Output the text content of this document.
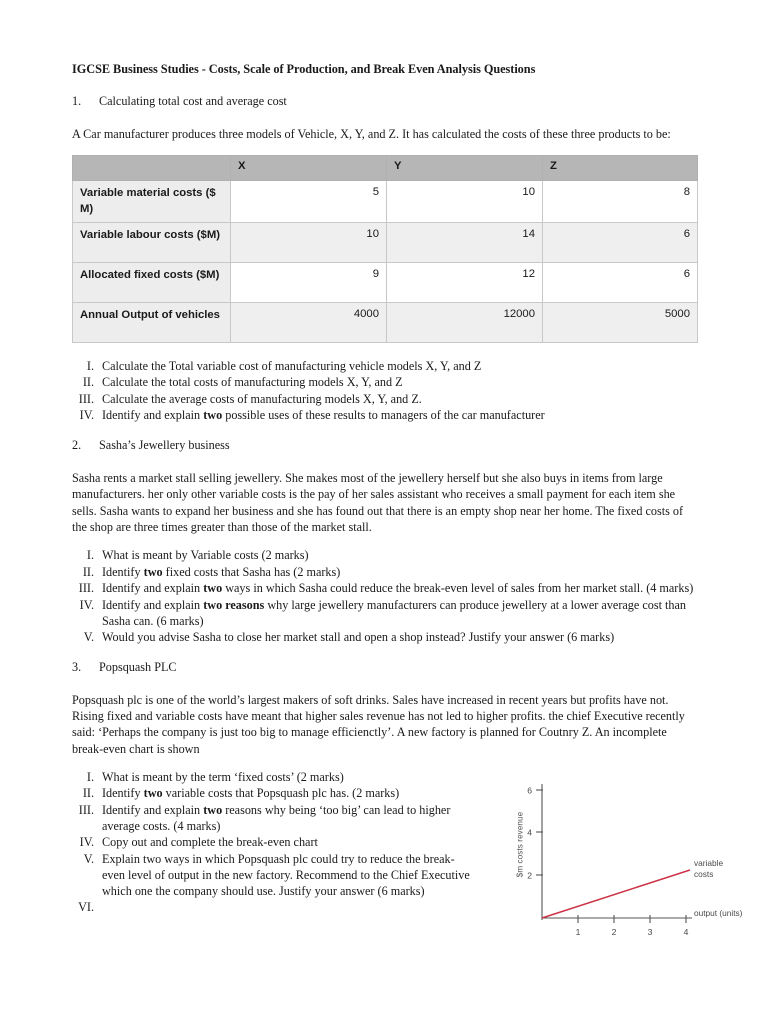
IGCSE Business Studies - Costs, Scale of Production, and Break Even Analysis Questions
1.	Calculating total cost and average cost

A Car manufacturer produces three models of Vehicle, X, Y, and Z. It has calculated the costs of these three products to be:

	X	Y	Z
Variable material costs ($ M)	5	10	8
Variable labour costs ($M)	10	14	6
Allocated fixed costs ($M)	9	12	6
Annual Output of vehicles	4000	12000	5000
I. Calculate the Total variable cost of manufacturing vehicle models X, Y, and Z
II. Calculate the total costs of manufacturing models X, Y, and Z
III. Calculate the average costs of manufacturing models X, Y, and Z.
IV. Identify and explain two possible uses of these results to managers of the car manufacturer
2.	Sasha’s Jewellery business

Sasha rents a market stall selling jewellery. She makes most of the jewellery herself but she also buys in items from large manufacturers. her only other variable costs is the pay of her sales assistant who receives a small payment for each item she sells. Sasha wants to expand her business and she has found out that there is an empty shop near her home. The fixed costs of the shop are three times greater than those of the market stall.

I. What is meant by Variable costs (2 marks)
II. Identify two fixed costs that Sasha has (2 marks)
III. Identify and explain two ways in which Sasha could reduce the break-even level of sales from her market stall. (4 marks)
IV. Identify and explain two reasons why large jewellery manufacturers can produce jewellery at a lower average cost than Sasha can. (6 marks)
V. Would you advise Sasha to close her market stall and open a shop instead? Justify your answer (6 marks)
3.	Popsquash PLC

Popsquash plc is one of the world’s largest makers of soft drinks. Sales have increased in recent years but profits have not. Rising fixed and variable costs have meant that higher sales revenue has not led to higher profits. the chief Executive recently said: ‘Perhaps the company is just too big to manage efficienctly’. A new factory is planned for Coutnry Z. An incomplete break-even chart is shown

I. What is meant by the term ‘fixed costs’ (2 marks)
II. Identify two variable costs that Popsquash plc has. (2 marks)
III. Identify and explain two reasons why being ‘too big’ can lead to higher average costs. (4 marks)
IV. Copy out and complete the break-even chart
V. Explain two ways in which Popsquash plc could try to reduce the break-even level of output in the new factory. Recommend to the Chief Executive which one the company should use. Justify your answer (6 marks)
VI.
$m costs revenue 2
4
6
1	2	3	4
variable costs
output (units)
